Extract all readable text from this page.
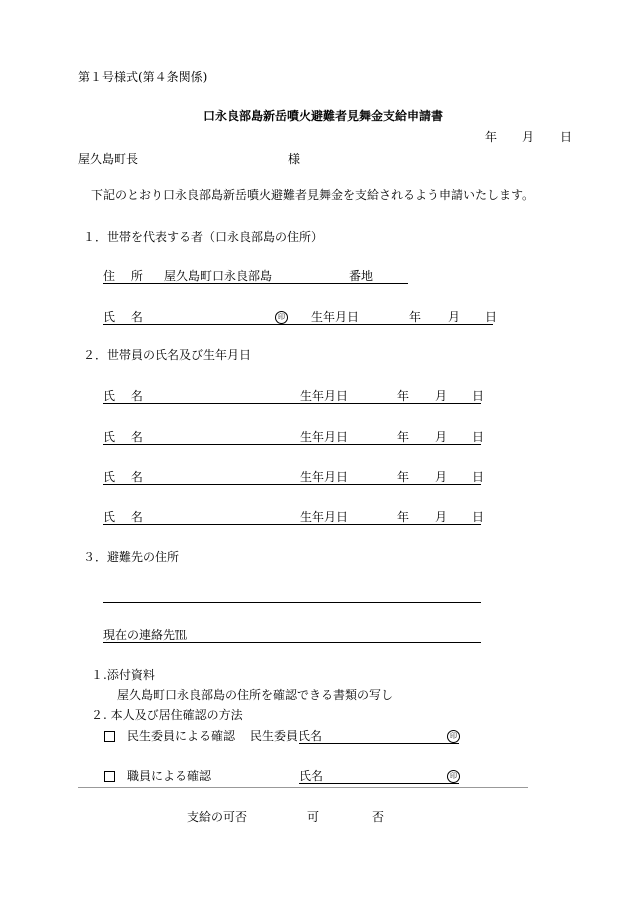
第１号様式(第４条関係)
口永良部島新岳噴火避難者見舞金支給申請書
年 月 日
屋久島町長	様
下記のとおり口永良部島新岳噴火避難者見舞金を支給されるよう申請いたします。
１．世帯を代表する者（口永良部島の住所）
住　 所 屋久島町口永良部島	番地
氏　 名	印 生年月日	年 月 日
２．世帯員の氏名及び生年月日
氏　 名	生年月日	年 月 日
氏　 名	生年月日	年 月 日
氏　 名	生年月日	年 月 日
氏　 名	生年月日	年 月 日
３．避難先の住所
現在の連絡先℡
１.添付資料
屋久島町口永良部島の住所を確認できる書類の写し
２. 本人及び居住確認の方法
民生委員による確認 民生委員氏名	印
職員による確認	氏名	印
支給の可否	可	否
